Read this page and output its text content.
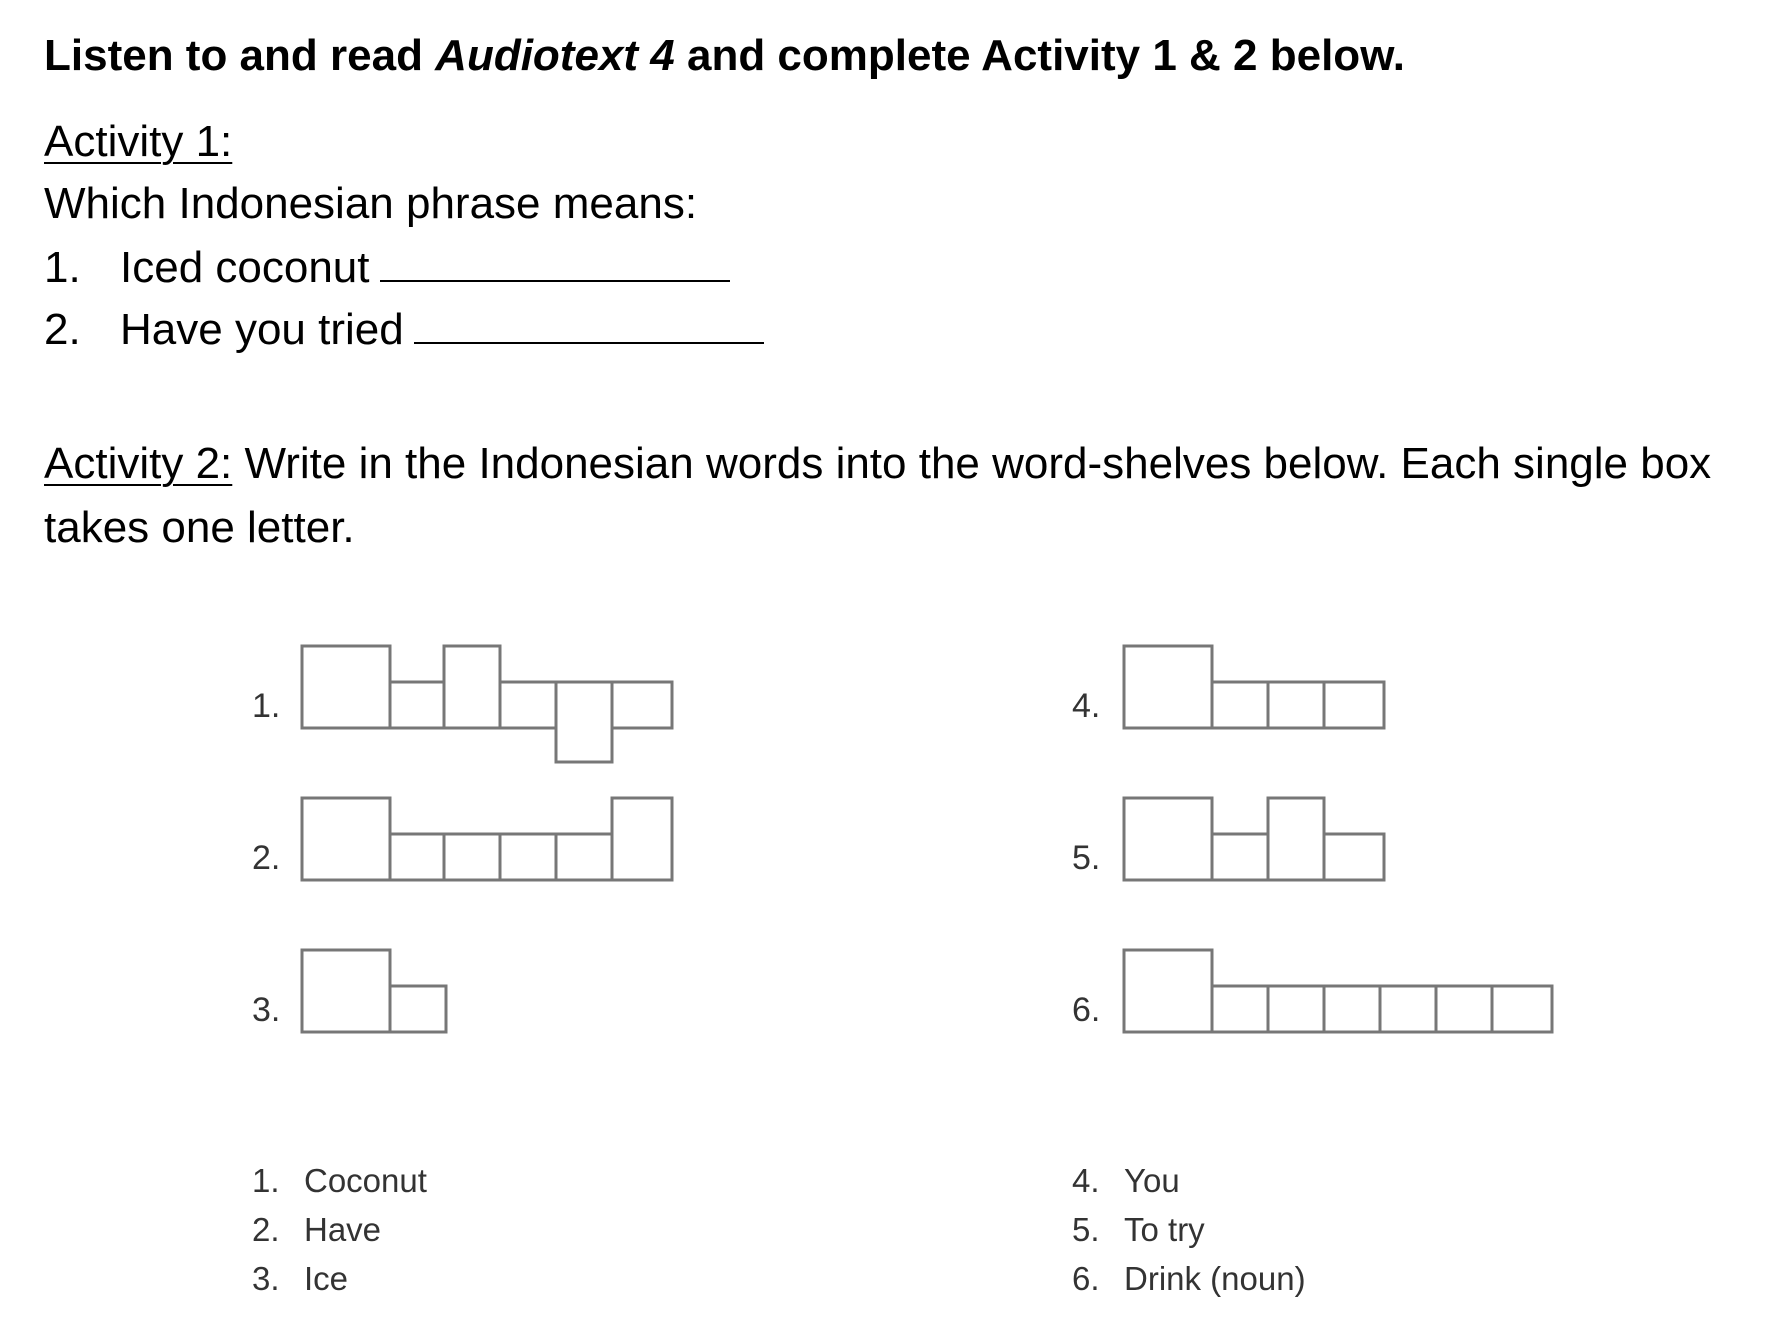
Listen to and read Audiotext 4 and complete Activity 1 & 2 below.
Activity 1:
Which Indonesian phrase means:
1. Iced coconut
2. Have you tried
Activity 2: Write in the Indonesian words into the word-shelves below. Each single box takes one letter.
1.
2.
3.
4.
5.
6.
1. Coconut
2. Have
3. Ice
4. You
5. To try
6. Drink (noun)
